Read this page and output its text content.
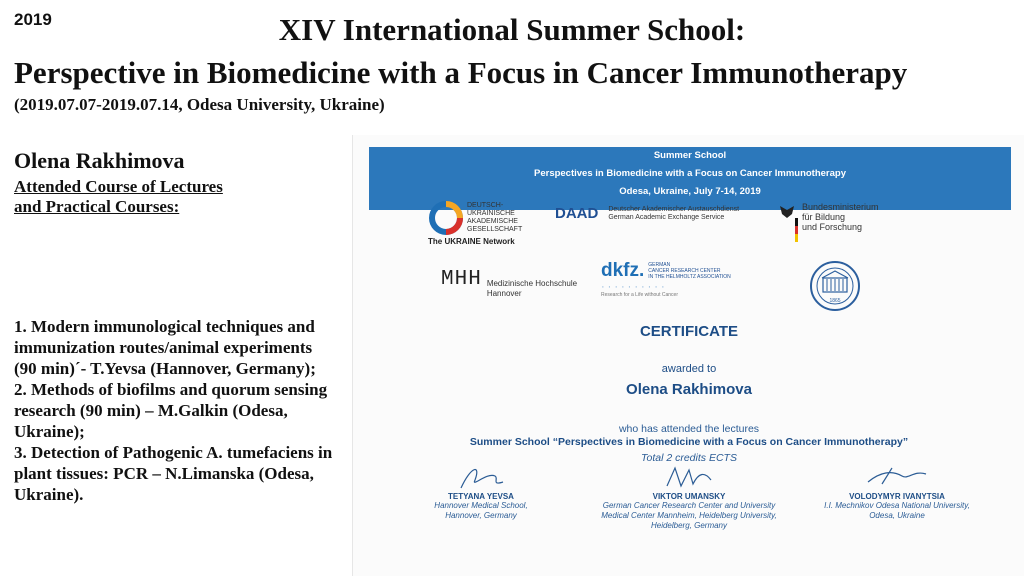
2019	XIV International Summer School:
Perspective in Biomedicine with a Focus in Cancer Immunotherapy
(2019.07.07-2019.07.14, Odesa University, Ukraine)
Olena Rakhimova
Attended Course of Lectures
and Practical Courses:
1. Modern immunological techniques and immunization routes/animal experiments (90 min)´- T.Yevsa (Hannover, Germany);
2. Methods of biofilms and quorum sensing research (90 min) – M.Galkin (Odesa, Ukraine);
3. Detection of Pathogenic A. tumefaciens in plant tissues: PCR – N.Limanska (Odesa, Ukraine).
Summer School
Perspectives in Biomedicine with a Focus on Cancer Immunotherapy
Odesa, Ukraine, July 7-14, 2019
DEUTSCH-
UKRAINISCHE
AKADEMISCHE
GESELLSCHAFT
The UKRAINE Network
DAAD Deutscher Akademischer Austauschdienst
German Academic Exchange Service
Bundesministerium
für Bildung
und Forschung
MHH Medizinische Hochschule
Hannover
dkfz. GERMAN
CANCER RESEARCH CENTER
IN THE HELMHOLTZ ASSOCIATION
··········
Research for a Life without Cancer
1865
CERTIFICATE
awarded to
Olena Rakhimova
who has attended the lectures
Summer School “Perspectives in Biomedicine with a Focus on Cancer Immunotherapy”
Total 2 credits ECTS
TETYANA YEVSA
Hannover Medical School,
Hannover, Germany
VIKTOR UMANSKY
German Cancer Research Center and University
Medical Center Mannheim, Heidelberg University,
Heidelberg, Germany
VOLODYMYR IVANYTSIA
I.I. Mechnikov Odesa National University,
Odesa, Ukraine
